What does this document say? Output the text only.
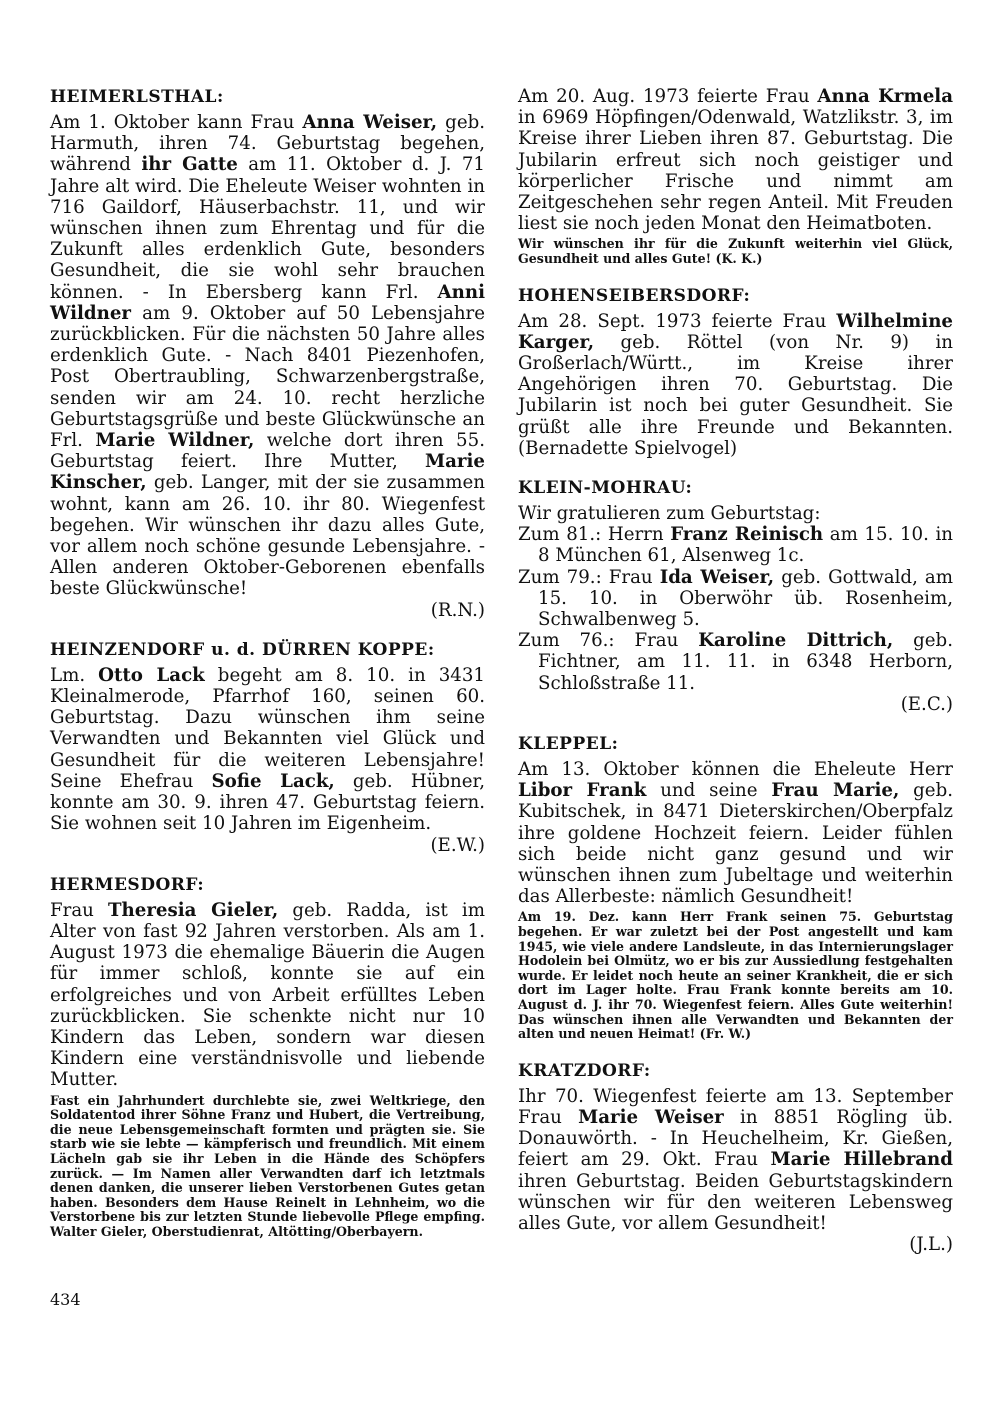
HEIMERLSTHAL:

Am 1. Oktober kann Frau Anna Weiser, geb. Harmuth, ihren 74. Geburtstag begehen, während ihr Gatte am 11. Oktober d. J. 71 Jahre alt wird. Die Eheleute Weiser wohnten in 716 Gaildorf, Häuserbachstr. 11, und wir wünschen ihnen zum Ehrentag und für die Zukunft alles erdenklich Gute, besonders Gesundheit, die sie wohl sehr brauchen können. - In Ebersberg kann Frl. Anni Wildner am 9. Oktober auf 50 Lebensjahre zurückblicken. Für die nächsten 50 Jahre alles erdenklich Gute. - Nach 8401 Piezenhofen, Post Obertraubling, Schwarzenbergstraße, senden wir am 24. 10. recht herzliche Geburtstagsgrüße und beste Glückwünsche an Frl. Marie Wildner, welche dort ihren 55. Geburtstag feiert. Ihre Mutter, Marie Kinscher, geb. Langer, mit der sie zusammen wohnt, kann am 26. 10. ihr 80. Wiegenfest begehen. Wir wünschen ihr dazu alles Gute, vor allem noch schöne gesunde Lebensjahre. - Allen anderen Oktober-Geborenen ebenfalls beste Glückwünsche!

(R.N.)

HEINZENDORF u. d. DÜRREN KOPPE:

Lm. Otto Lack begeht am 8. 10. in 3431 Kleinalmerode, Pfarrhof 160, seinen 60. Geburtstag. Dazu wünschen ihm seine Verwandten und Bekannten viel Glück und Gesundheit für die weiteren Lebensjahre! Seine Ehefrau Sofie Lack, geb. Hübner, konnte am 30. 9. ihren 47. Geburtstag feiern. Sie wohnen seit 10 Jahren im Eigenheim.

(E.W.)

HERMESDORF:

Frau Theresia Gieler, geb. Radda, ist im Alter von fast 92 Jahren verstorben. Als am 1. August 1973 die ehemalige Bäuerin die Augen für immer schloß, konnte sie auf ein erfolgreiches und von Arbeit erfülltes Leben zurückblicken. Sie schenkte nicht nur 10 Kindern das Leben, sondern war diesen Kindern eine verständnisvolle und liebende Mutter.

Fast ein Jahrhundert durchlebte sie, zwei Weltkriege, den Soldatentod ihrer Söhne Franz und Hubert, die Vertreibung, die neue Lebensgemeinschaft formten und prägten sie. Sie starb wie sie lebte — kämpferisch und freundlich. Mit einem Lächeln gab sie ihr Leben in die Hände des Schöpfers zurück. — Im Namen aller Verwandten darf ich letztmals denen danken, die unserer lieben Verstorbenen Gutes getan haben. Besonders dem Hause Reinelt in Lehnheim, wo die Verstorbene bis zur letzten Stunde liebevolle Pflege empfing. Walter Gieler, Oberstudienrat, Altötting/Oberbayern.

Am 20. Aug. 1973 feierte Frau Anna Krmela in 6969 Höpfingen/Odenwald, Watzlikstr. 3, im Kreise ihrer Lieben ihren 87. Geburtstag. Die Jubilarin erfreut sich noch geistiger und körperlicher Frische und nimmt am Zeitgeschehen sehr regen Anteil. Mit Freuden liest sie noch jeden Monat den Heimatboten.

Wir wünschen ihr für die Zukunft weiterhin viel Glück, Gesundheit und alles Gute! (K. K.)

HOHENSEIBERSDORF:

Am 28. Sept. 1973 feierte Frau Wilhelmine Karger, geb. Röttel (von Nr. 9) in Großerlach/Württ., im Kreise ihrer Angehörigen ihren 70. Geburtstag. Die Jubilarin ist noch bei guter Gesundheit. Sie grüßt alle ihre Freunde und Bekannten. (Bernadette Spielvogel)

KLEIN-MOHRAU:

Wir gratulieren zum Geburtstag:

Zum 81.: Herrn Franz Reinisch am 15. 10. in 8 München 61, Alsenweg 1c.

Zum 79.: Frau Ida Weiser, geb. Gottwald, am 15. 10. in Oberwöhr üb. Rosenheim, Schwalbenweg 5.

Zum 76.: Frau Karoline Dittrich, geb. Fichtner, am 11. 11. in 6348 Herborn, Schloßstraße 11.

(E.C.)

KLEPPEL:

Am 13. Oktober können die Eheleute Herr Libor Frank und seine Frau Marie, geb. Kubitschek, in 8471 Dieterskirchen/Oberpfalz ihre goldene Hochzeit feiern. Leider fühlen sich beide nicht ganz gesund und wir wünschen ihnen zum Jubeltage und weiterhin das Allerbeste: nämlich Gesundheit!

Am 19. Dez. kann Herr Frank seinen 75. Geburtstag begehen. Er war zuletzt bei der Post angestellt und kam 1945, wie viele andere Landsleute, in das Internierungslager Hodolein bei Olmütz, wo er bis zur Aussiedlung festgehalten wurde. Er leidet noch heute an seiner Krankheit, die er sich dort im Lager holte. Frau Frank konnte bereits am 10. August d. J. ihr 70. Wiegenfest feiern. Alles Gute weiterhin! Das wünschen ihnen alle Verwandten und Bekannten der alten und neuen Heimat! (Fr. W.)

KRATZDORF:

Ihr 70. Wiegenfest feierte am 13. September Frau Marie Weiser in 8851 Rögling üb. Donauwörth. - In Heuchelheim, Kr. Gießen, feiert am 29. Okt. Frau Marie Hillebrand ihren Geburtstag. Beiden Geburtstagskindern wünschen wir für den weiteren Lebensweg alles Gute, vor allem Gesundheit!

(J.L.)

434
